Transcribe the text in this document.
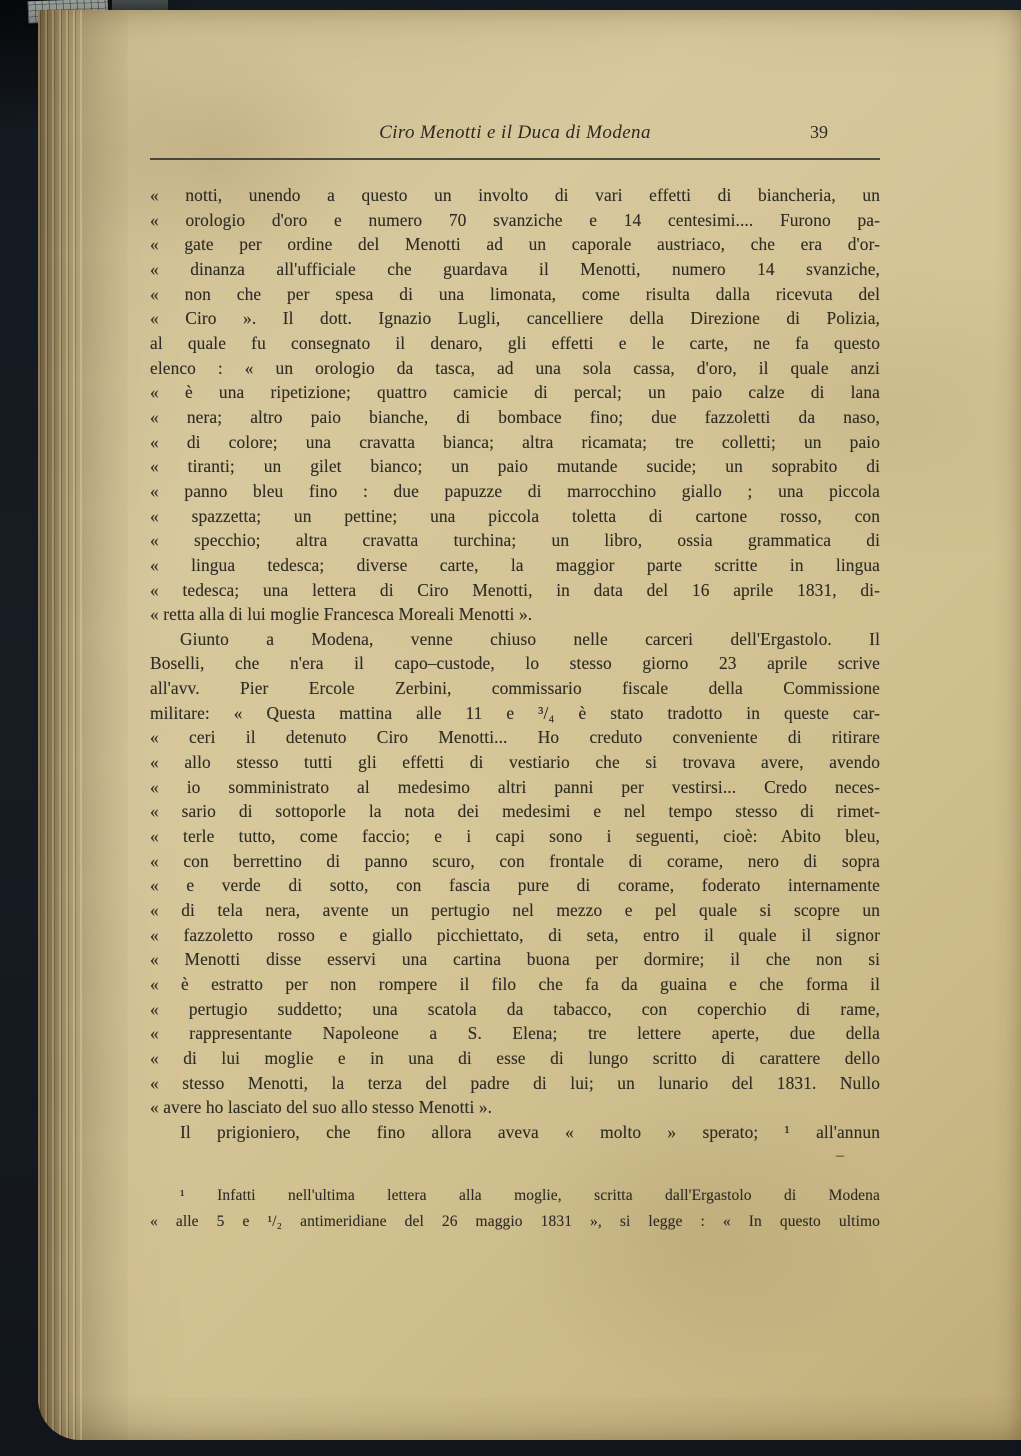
Ciro Menotti e il Duca di Modena	39
« notti, unendo a questo un involto di vari effetti di biancheria, un
« orologio d'oro e numero 70 svanziche e 14 centesimi.... Furono pa-
« gate per ordine del Menotti ad un caporale austriaco, che era d'or-
« dinanza all'ufficiale che guardava il Menotti, numero 14 svanziche,
« non che per spesa di una limonata, come risulta dalla ricevuta del
« Ciro ». Il dott. Ignazio Lugli, cancelliere della Direzione di Polizia,
al quale fu consegnato il denaro, gli effetti e le carte, ne fa questo
elenco : « un orologio da tasca, ad una sola cassa, d'oro, il quale anzi
« è una ripetizione; quattro camicie di percal; un paio calze di lana
« nera; altro paio bianche, di bombace fino; due fazzoletti da naso,
« di colore; una cravatta bianca; altra ricamata; tre colletti; un paio
« tiranti; un gilet bianco; un paio mutande sucide; un soprabito di
« panno bleu fino : due papuzze di marrocchino giallo ; una piccola
« spazzetta; un pettine; una piccola toletta di cartone rosso, con
« specchio; altra cravatta turchina; un libro, ossia grammatica di
« lingua tedesca; diverse carte, la maggior parte scritte in lingua
« tedesca; una lettera di Ciro Menotti, in data del 16 aprile 1831, di-
« retta alla di lui moglie Francesca Moreali Menotti ».
Giunto a Modena, venne chiuso nelle carceri dell'Ergastolo. Il
Boselli, che n'era il capo–custode, lo stesso giorno 23 aprile scrive
all'avv. Pier Ercole Zerbini, commissario fiscale della Commissione
militare: « Questa mattina alle 11 e ³/₄ è stato tradotto in queste car-
« ceri il detenuto Ciro Menotti... Ho creduto conveniente di ritirare
« allo stesso tutti gli effetti di vestiario che si trovava avere, avendo
« io somministrato al medesimo altri panni per vestirsi... Credo neces-
« sario di sottoporle la nota dei medesimi e nel tempo stesso di rimet-
« terle tutto, come faccio; e i capi sono i seguenti, cioè: Abito bleu,
« con berrettino di panno scuro, con frontale di corame, nero di sopra
« e verde di sotto, con fascia pure di corame, foderato internamente
« di tela nera, avente un pertugio nel mezzo e pel quale si scopre un
« fazzoletto rosso e giallo picchiettato, di seta, entro il quale il signor
« Menotti disse esservi una cartina buona per dormire; il che non si
« è estratto per non rompere il filo che fa da guaina e che forma il
« pertugio suddetto; una scatola da tabacco, con coperchio di rame,
« rappresentante Napoleone a S. Elena; tre lettere aperte, due della
« di lui moglie e in una di esse di lungo scritto di carattere dello
« stesso Menotti, la terza del padre di lui; un lunario del 1831. Nullo
« avere ho lasciato del suo allo stesso Menotti ».
Il prigioniero, che fino allora aveva « molto » sperato; ¹ all'annun
–
¹ Infatti nell'ultima lettera alla moglie, scritta dall'Ergastolo di Modena
« alle 5 e ¹/₂ antimeridiane del 26 maggio 1831 », si legge : « In questo ultimo
